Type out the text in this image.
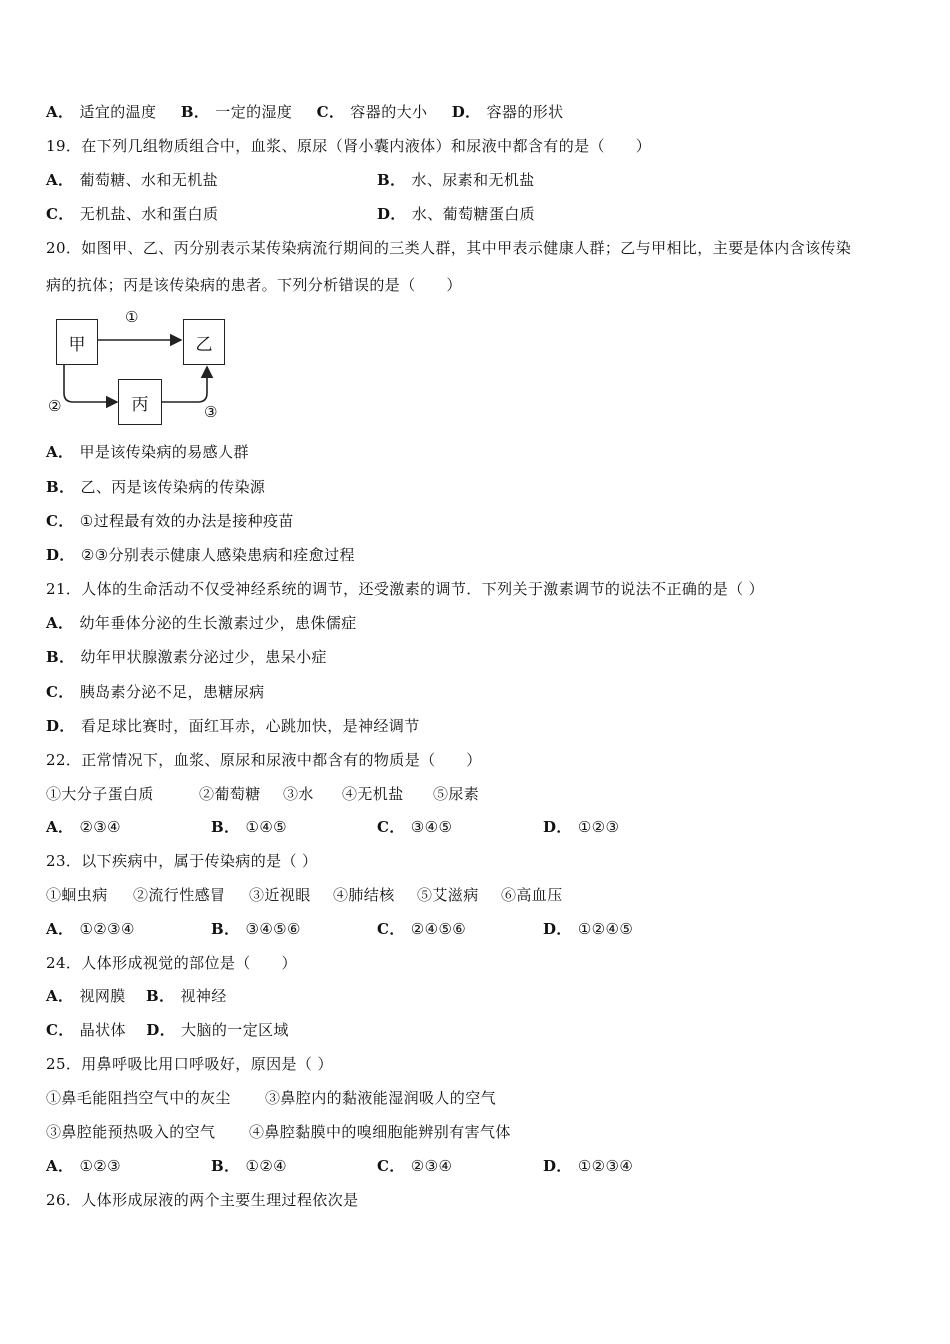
A． 适宜的温度 B． 一定的湿度 C． 容器的大小 D． 容器的形状
19．在下列几组物质组合中，血浆、原尿（肾小囊内液体）和尿液中都含有的是（　　）
A． 葡萄糖、水和无机盐	B． 水、尿素和无机盐
C． 无机盐、水和蛋白质	D． 水、葡萄糖蛋白质
20．如图甲、乙、丙分别表示某传染病流行期间的三类人群，其中甲表示健康人群；乙与甲相比，主要是体内含该传染
病的抗体；丙是该传染病的患者。下列分析错误的是（　　）
甲	乙
丙
①
②	③
A． 甲是该传染病的易感人群
B． 乙、丙是该传染病的传染源
C． ①过程最有效的办法是接种疫苗
D． ②③分别表示健康人感染患病和痊愈过程
21．人体的生命活动不仅受神经系统的调节，还受激素的调节．下列关于激素调节的说法不正确的是（ ）
A． 幼年垂体分泌的生长激素过少，患侏儒症
B． 幼年甲状腺激素分泌过少，患呆小症
C． 胰岛素分泌不足，患糖尿病
D． 看足球比赛时，面红耳赤，心跳加快，是神经调节
22．正常情况下，血浆、原尿和尿液中都含有的物质是（　　）
①大分子蛋白质	②葡萄糖 ③水 ④无机盐 ⑤尿素
A． ②③④	B． ①④⑤	C． ③④⑤	D． ①②③
23．以下疾病中，属于传染病的是（ ）
①蛔虫病 ②流行性感冒 ③近视眼 ④肺结核 ⑤艾滋病 ⑥高血压
A． ①②③④	B． ③④⑤⑥	C． ②④⑤⑥	D． ①②④⑤
24．人体形成视觉的部位是（　　）
A． 视网膜 B． 视神经
C． 晶状体 D． 大脑的一定区域
25．用鼻呼吸比用口呼吸好，原因是（ ）
①鼻毛能阻挡空气中的灰尘 ③鼻腔内的黏液能湿润吸人的空气
③鼻腔能预热吸入的空气 ④鼻腔黏膜中的嗅细胞能辨别有害气体
A． ①②③	B． ①②④	C． ②③④	D． ①②③④
26．人体形成尿液的两个主要生理过程依次是
